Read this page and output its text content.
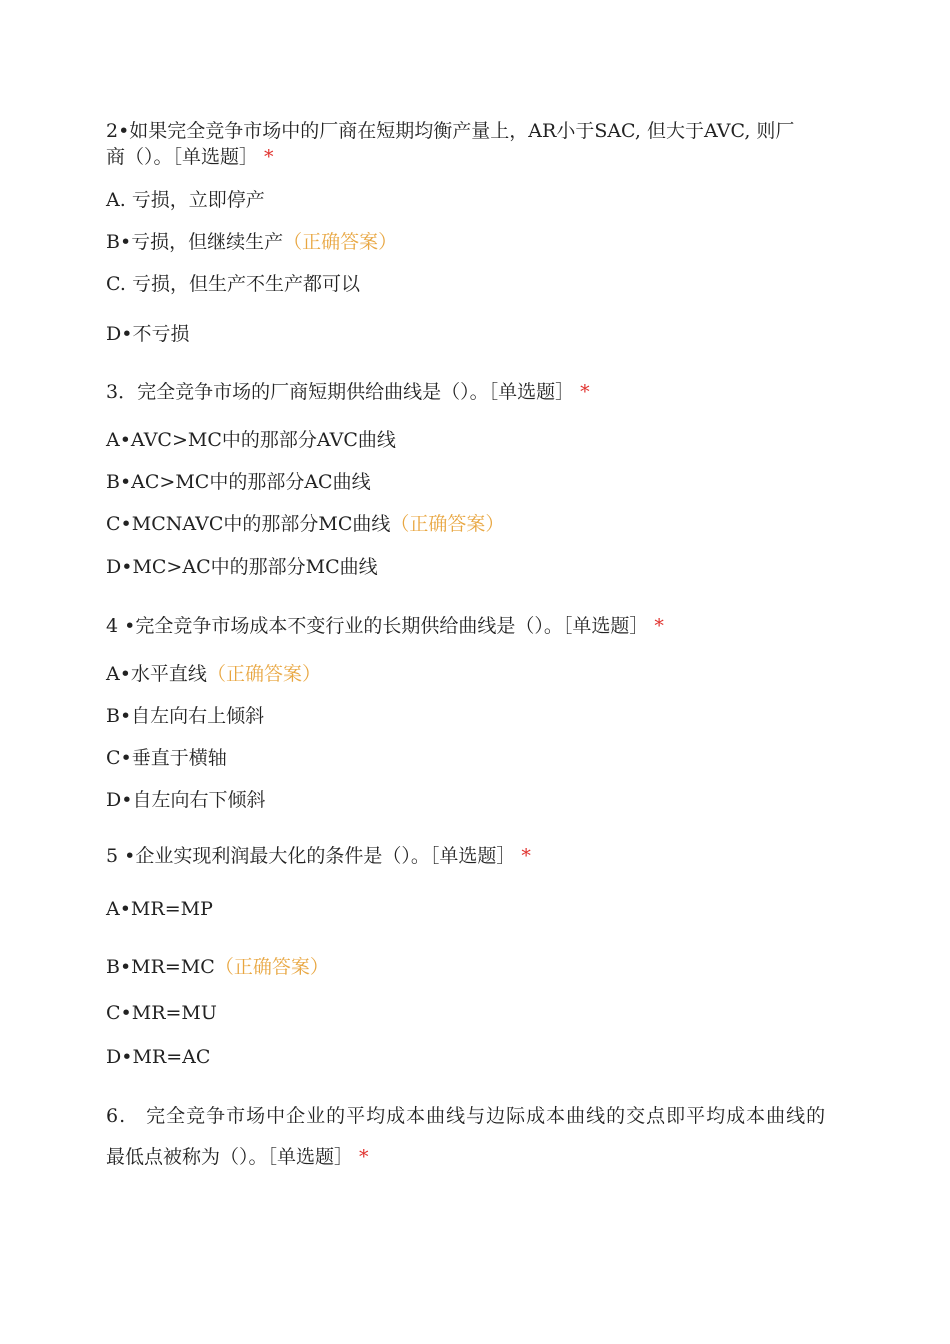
2•如果完全竞争市场中的厂商在短期均衡产量上，AR小于SAC, 但大于AVC, 则厂
商（）。［单选题］ *
A. 亏损，立即停产
B•亏损，但继续生产（正确答案）
C. 亏损，但生产不生产都可以
D•不亏损
3．完全竞争市场的厂商短期供给曲线是（）。［单选题］ *
A•AVC>MC中的那部分AVC曲线
B•AC>MC中的那部分AC曲线
C•MCNAVC中的那部分MC曲线（正确答案）
D•MC>AC中的那部分MC曲线
4 •完全竞争市场成本不变行业的长期供给曲线是（）。［单选题］ *
A•水平直线（正确答案）
B•自左向右上倾斜
C•垂直于横轴
D•自左向右下倾斜
5 •企业实现利润最大化的条件是（）。［单选题］ *
A•MR=MP
B•MR=MC（正确答案）
C•MR=MU
D•MR=AC
6.　完全竞争市场中企业的平均成本曲线与边际成本曲线的交点即平均成本曲线的
最低点被称为（）。［单选题］ *
